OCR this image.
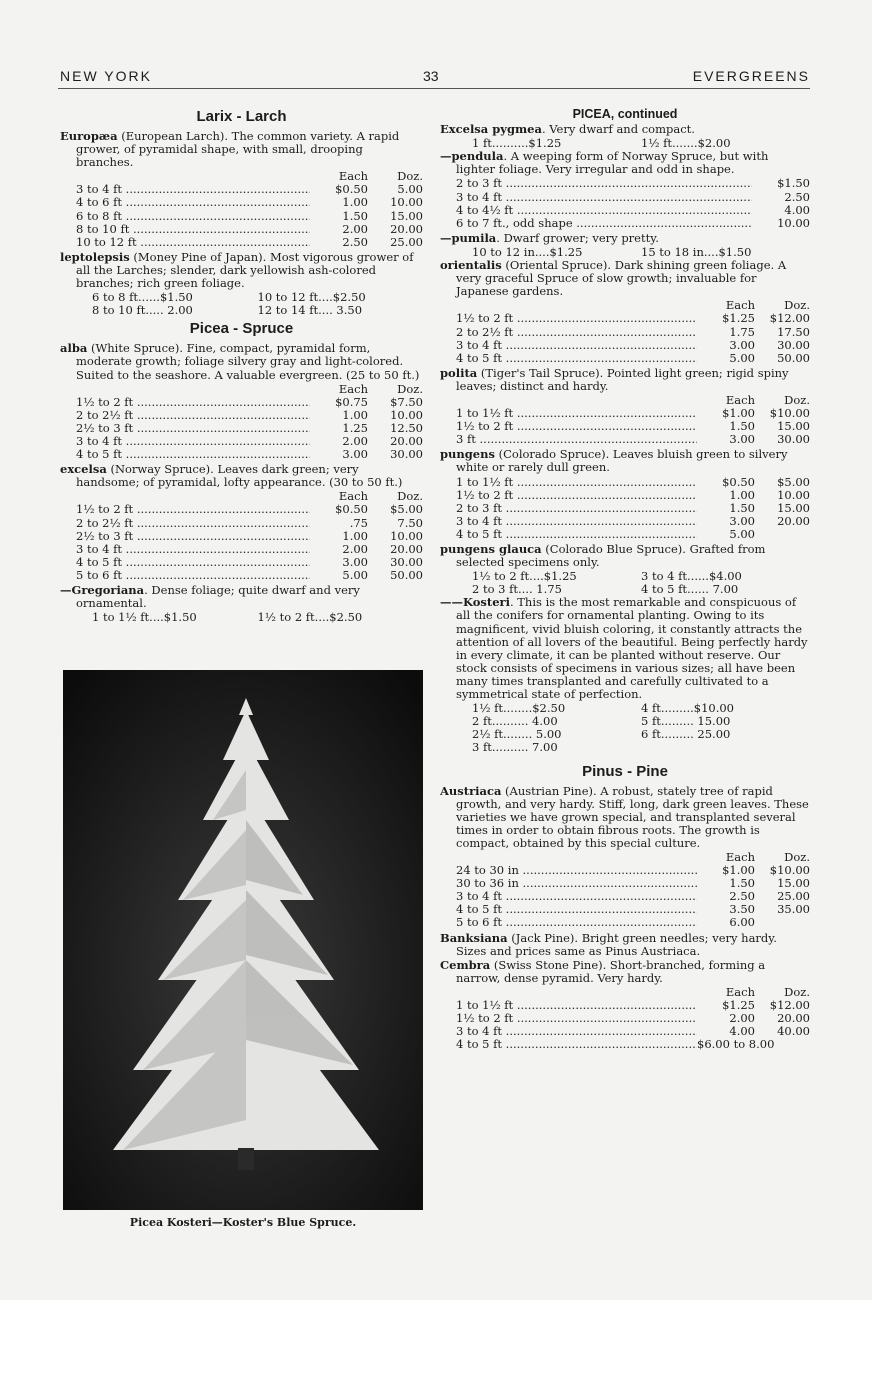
NEW YORK	33	EVERGREENS
Larix - Larch
Europæa (European Larch). The common variety. A rapid grower, of pyramidal shape, with small, drooping branches.
Each	Doz.
3 to 4 ft .....	$0.50	5.00
4 to 6 ft .....	1.00	10.00
6 to 8 ft .....	1.50	15.00
8 to 10 ft .....	2.00	20.00
10 to 12 ft .....	2.50	25.00
leptolepsis (Money Pine of Japan). Most vigorous grower of all the Larches; slender, dark yellowish ash-colored branches; rich green foliage.
6 to 8 ft......$1.50	10 to 12 ft....$2.50
8 to 10 ft..... 2.00	12 to 14 ft.... 3.50
Picea - Spruce
alba (White Spruce). Fine, compact, pyramidal form, moderate growth; foliage silvery gray and light-colored. Suited to the seashore. A valuable evergreen. (25 to 50 ft.)
Each	Doz.
1½ to 2 ft .....	$0.75	$7.50
2 to 2½ ft .....	1.00	10.00
2½ to 3 ft .....	1.25	12.50
3 to 4 ft .....	2.00	20.00
4 to 5 ft .....	3.00	30.00
excelsa (Norway Spruce). Leaves dark green; very handsome; of pyramidal, lofty appearance. (30 to 50 ft.)
Each	Doz.
1½ to 2 ft .....	$0.50	$5.00
2 to 2½ ft .....	.75	7.50
2½ to 3 ft .....	1.00	10.00
3 to 4 ft .....	2.00	20.00
4 to 5 ft .....	3.00	30.00
5 to 6 ft .....	5.00	50.00
—Gregoriana. Dense foliage; quite dwarf and very ornamental.
1 to 1½ ft....$1.50	1½ to 2 ft....$2.50
Picea Kosteri—Koster's Blue Spruce.
PICEA, continued
Excelsa pygmea. Very dwarf and compact.
1 ft..........$1.25	1½ ft.......$2.00
—pendula. A weeping form of Norway Spruce, but with lighter foliage. Very irregular and odd in shape.
2 to 3 ft .....	$1.50
3 to 4 ft .....	2.50
4 to 4½ ft .....	4.00
6 to 7 ft., odd shape .....	10.00
—pumila. Dwarf grower; very pretty.
10 to 12 in....$1.25	15 to 18 in....$1.50
orientalis (Oriental Spruce). Dark shining green foliage. A very graceful Spruce of slow growth; invaluable for Japanese gardens.
Each	Doz.
1½ to 2 ft .....	$1.25	$12.00
2 to 2½ ft .....	1.75	17.50
3 to 4 ft .....	3.00	30.00
4 to 5 ft .....	5.00	50.00
polita (Tiger's Tail Spruce). Pointed light green; rigid spiny leaves; distinct and hardy.
Each	Doz.
1 to 1½ ft .....	$1.00	$10.00
1½ to 2 ft .....	1.50	15.00
3 ft .....	3.00	30.00
pungens (Colorado Spruce). Leaves bluish green to silvery white or rarely dull green.
1 to 1½ ft .....	$0.50	$5.00
1½ to 2 ft .....	1.00	10.00
2 to 3 ft .....	1.50	15.00
3 to 4 ft .....	3.00	20.00
4 to 5 ft .....	5.00
pungens glauca (Colorado Blue Spruce). Grafted from selected specimens only.
1½ to 2 ft....$1.25	3 to 4 ft......$4.00
2 to 3 ft.... 1.75	4 to 5 ft...... 7.00
——Kosteri. This is the most remarkable and conspicuous of all the conifers for ornamental planting. Owing to its magnificent, vivid bluish coloring, it constantly attracts the attention of all lovers of the beautiful. Being perfectly hardy in every climate, it can be planted without reserve. Our stock consists of specimens in various sizes; all have been many times transplanted and carefully cultivated to a symmetrical state of perfection.
1½ ft........$2.50	4 ft.........$10.00
2 ft.......... 4.00	5 ft......... 15.00
2½ ft........ 5.00	6 ft......... 25.00
3 ft.......... 7.00
Pinus - Pine
Austriaca (Austrian Pine). A robust, stately tree of rapid growth, and very hardy. Stiff, long, dark green leaves. These varieties we have grown special, and transplanted several times in order to obtain fibrous roots. The growth is compact, obtained by this special culture.
Each	Doz.
24 to 30 in .....	$1.00	$10.00
30 to 36 in .....	1.50	15.00
3 to 4 ft .....	2.50	25.00
4 to 5 ft .....	3.50	35.00
5 to 6 ft .....	6.00
Banksiana (Jack Pine). Bright green needles; very hardy. Sizes and prices same as Pinus Austriaca.
Cembra (Swiss Stone Pine). Short-branched, forming a narrow, dense pyramid. Very hardy.
Each	Doz.
1 to 1½ ft .....	$1.25	$12.00
1½ to 2 ft .....	2.00	20.00
3 to 4 ft .....	4.00	40.00
4 to 5 ft .....	$6.00 to 8.00
